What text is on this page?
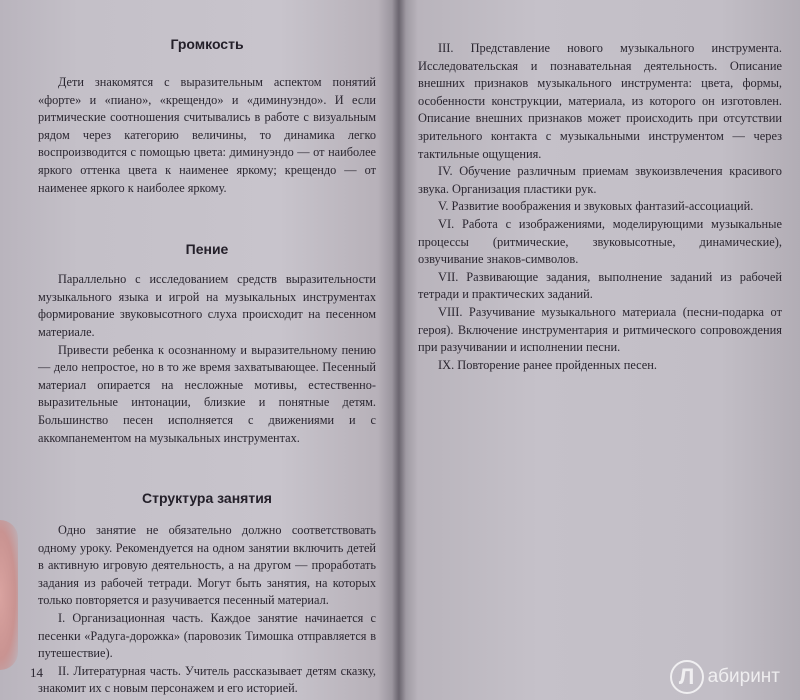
Громкость

Дети знакомятся с выразительным аспектом понятий «форте» и «пиано», «крещендо» и «диминуэндо». И если ритмические соотношения считывались в работе с визуальным рядом через категорию величины, то динамика легко воспроизводится с помощью цвета: диминуэндо — от наиболее яркого оттенка цвета к наименее яркому; крещендо — от наименее яркого к наиболее яркому.

Пение

Параллельно с исследованием средств выразительности музыкального языка и игрой на музыкальных инструментах формирование звуковысотного слуха происходит на песенном материале.

Привести ребенка к осознанному и выразительному пению — дело непростое, но в то же время захватывающее. Песенный материал опирается на несложные мотивы, естественно-выразительные интонации, близкие и понятные детям. Большинство песен исполняется с движениями и с аккомпанементом на музыкальных инструментах.

Структура занятия

Одно занятие не обязательно должно соответствовать одному уроку. Рекомендуется на одном занятии включить детей в активную игровую деятельность, а на другом — проработать задания из рабочей тетради. Могут быть занятия, на которых только повторяется и разучивается песенный материал.

I. Организационная часть. Каждое занятие начинается с песенки «Радуга-дорожка» (паровозик Тимошка отправляется в путешествие).

II. Литературная часть. Учитель рассказывает детям сказку, знакомит их с новым персонажем и его историей.

14

III. Представление нового музыкального инструмента. Исследовательская и познавательная деятельность. Описание внешних признаков музыкального инструмента: цвета, формы, особенности конструкции, материала, из которого он изготовлен. Описание внешних признаков может происходить при отсутствии зрительного контакта с музыкальными инструментом — через тактильные ощущения.

IV. Обучение различным приемам звукоизвлечения красивого звука. Организация пластики рук.

V. Развитие воображения и звуковых фантазий-ассоциаций.

VI. Работа с изображениями, моделирующими музыкальные процессы (ритмические, звуковысотные, динамические), озвучивание знаков-символов.

VII. Развивающие задания, выполнение заданий из рабочей тетради и практических заданий.

VIII. Разучивание музыкального материала (песни-подарка от героя). Включение инструментария и ритмического сопровождения при разучивании и исполнении песни.

IX. Повторение ранее пройденных песен.

Л абиринт
